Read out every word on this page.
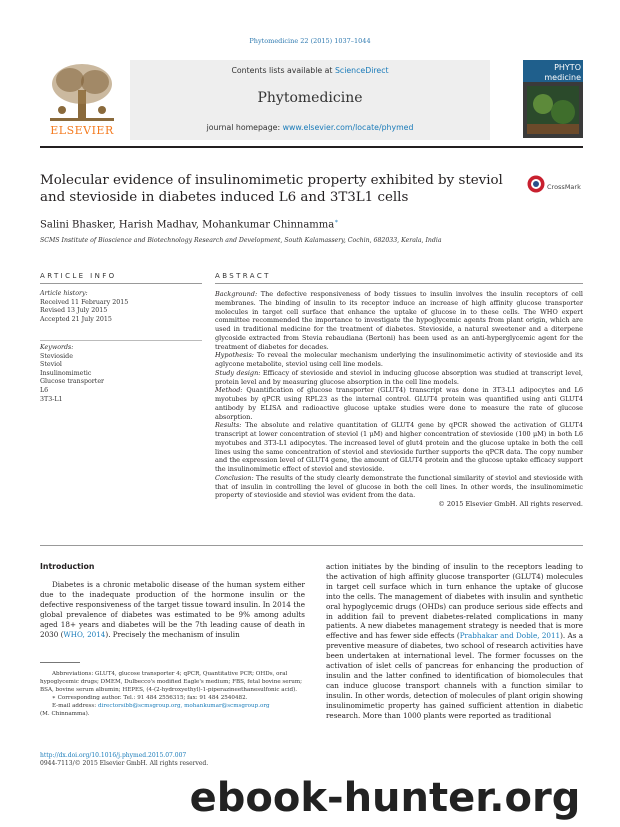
Phytomedicine 22 (2015) 1037–1044
Contents lists available at ScienceDirect
Phytomedicine
journal homepage: www.elsevier.com/locate/phymed
ELSEVIER
PHYTO
medicine
Molecular evidence of insulinomimetic property exhibited by steviol and stevioside in diabetes induced L6 and 3T3L1 cells
CrossMark
Salini Bhasker, Harish Madhav, Mohankumar Chinnamma∗
SCMS Institute of Bioscience and Biotechnology Research and Development, South Kalamassery, Cochin, 682033, Kerala, India
ARTICLE INFO	ABSTRACT
Article history:
Received 11 February 2015
Revised 13 July 2015
Accepted 21 July 2015
Keywords:
Stevioside
Steviol
Insulinomimetic
Glucose transporter
L6
3T3-L1

Background: The defective responsiveness of body tissues to insulin involves the insulin receptors of cell membranes. The binding of insulin to its receptor induce an increase of high affinity glucose transporter molecules in target cell surface that enhance the uptake of glucose in to these cells. The WHO expert committee recommended the importance to investigate the hypoglycemic agents from plant origin, which are used in traditional medicine for the treatment of diabetes. Stevioside, a natural sweetener and a diterpene glycoside extracted from Stevia rebaudiana (Bertoni) has been used as an anti-hyperglycemic agent for the treatment of diabetes for decades.

Hypothesis: To reveal the molecular mechanism underlying the insulinomimetic activity of stevioside and its aglycone metabolite, steviol using cell line models.

Study design: Efficacy of stevioside and steviol in inducing glucose absorption was studied at transcript level, protein level and by measuring glucose absorption in the cell line models.

Method: Quantification of glucose transporter (GLUT4) transcript was done in 3T3-L1 adipocytes and L6 myotubes by qPCR using RPL23 as the internal control. GLUT4 protein was quantified using anti GLUT4 antibody by ELISA and radioactive glucose uptake studies were done to measure the rate of glucose absorption.

Results: The absolute and relative quantitation of GLUT4 gene by qPCR showed the activation of GLUT4 transcript at lower concentration of steviol (1 μM) and higher concentration of stevioside (100 μM) in both L6 myotubes and 3T3-L1 adipocytes. The increased level of glut4 protein and the glucose uptake in both the cell lines using the same concentration of steviol and stevioside further supports the qPCR data. The copy number and the expression level of GLUT4 gene, the amount of GLUT4 protein and the glucose uptake efficacy support the insulinomimetic effect of steviol and stevioside.

Conclusion: The results of the study clearly demonstrate the functional similarity of steviol and stevioside with that of insulin in controlling the level of glucose in both the cell lines. In other words, the insulinomimetic property of stevioside and steviol was evident from the data.

© 2015 Elsevier GmbH. All rights reserved.

Introduction
Diabetes is a chronic metabolic disease of the human system either due to the inadequate production of the hormone insulin or the defective responsiveness of the target tissue toward insulin. In 2014 the global prevalence of diabetes was estimated to be 9% among adults aged 18+ years and diabetes will be the 7th leading cause of death in 2030 (WHO, 2014). Precisely the mechanism of insulin
action initiates by the binding of insulin to the receptors leading to the activation of high affinity glucose transporter (GLUT4) molecules in target cell surface which in turn enhance the uptake of glucose into the cells. The management of diabetes with insulin and synthetic oral hypoglycemic drugs (OHDs) can produce serious side effects and in addition fail to prevent diabetes-related complications in many patients. A new diabetes management strategy is needed that is more effective and has fewer side effects (Prabhakar and Doble, 2011). As a preventive measure of diabetes, two school of research activities have been undertaken at international level. The former focusses on the activation of islet cells of pancreas for enhancing the production of insulin and the latter confined to identification of biomolecules that can induce glucose transport channels with a function similar to insulin. In other words, detection of molecules of plant origin showing insulinomimetic property has gained sufficient attention in diabetic research. More than 1000 plants were reported as traditional

Abbreviations: GLUT4, glucose transporter 4; qPCR, Quantitative PCR; OHDs, oral hypoglycemic drugs; DMEM, Dulbecco's modified Eagle's medium; FBS, fetal bovine serum; BSA, bovine serum albumin; HEPES, (4-(2-hydroxyethyl)-1-piperazineethanesulfonic acid).

∗ Corresponding author. Tel.: 91 484 2556315; fax: 91 484 2540482.

E-mail address: directorsibb@scmsgroup.org, mohankumar@scmsgroup.org

(M. Chinnamma).

http://dx.doi.org/10.1016/j.phymed.2015.07.007
0944-7113/© 2015 Elsevier GmbH. All rights reserved.
ebook-hunter.org
